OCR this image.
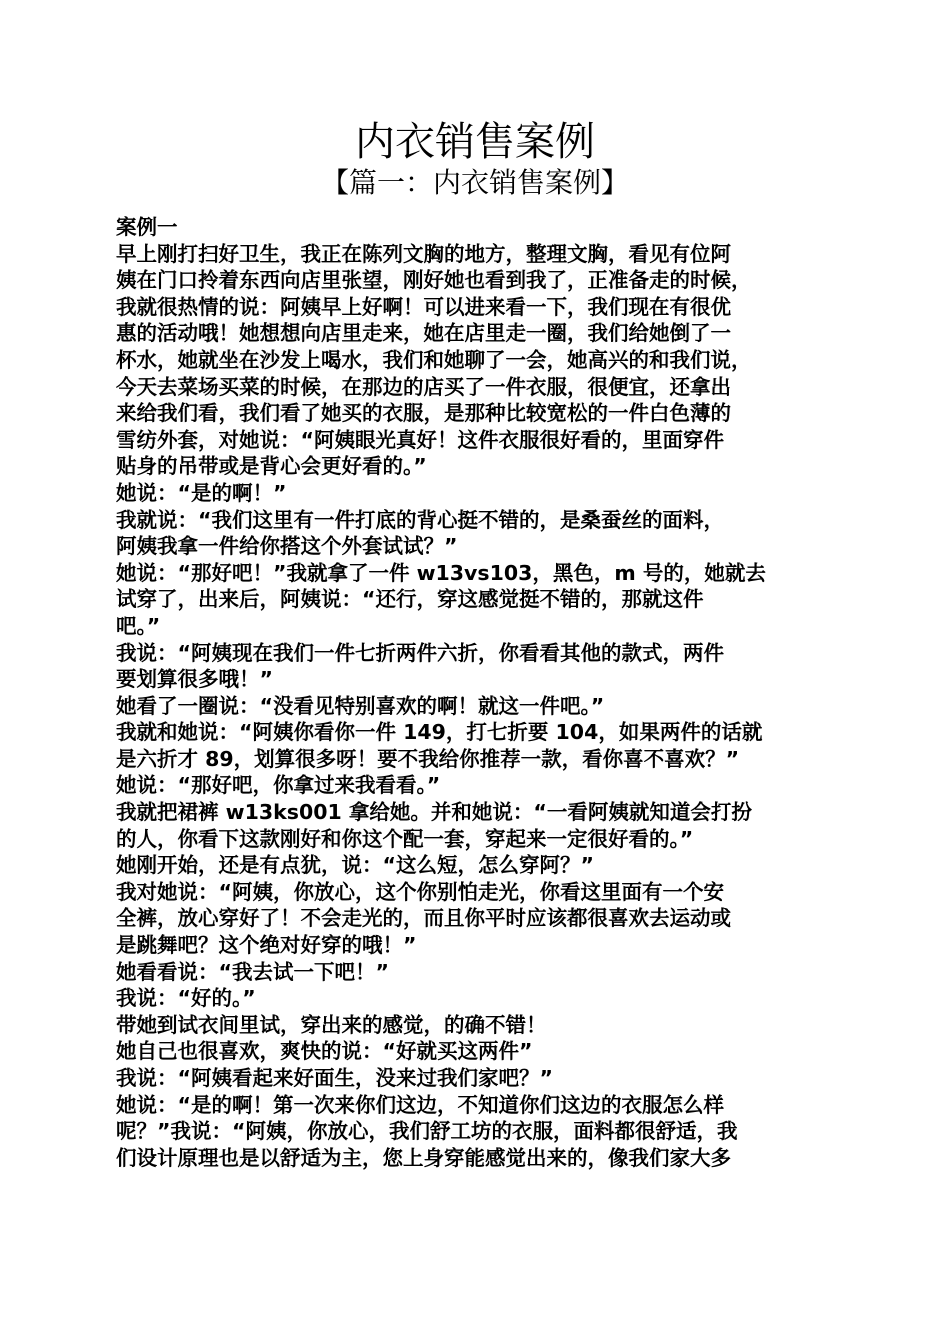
内衣销售案例
【篇一：内衣销售案例】
案例一
早上刚打扫好卫生，我正在陈列文胸的地方，整理文胸，看见有位阿
姨在门口拎着东西向店里张望，刚好她也看到我了，正准备走的时候，
我就很热情的说：阿姨早上好啊！可以进来看一下，我们现在有很优
惠的活动哦！她想想向店里走来，她在店里走一圈，我们给她倒了一
杯水，她就坐在沙发上喝水，我们和她聊了一会，她高兴的和我们说，
今天去菜场买菜的时候，在那边的店买了一件衣服，很便宜，还拿出
来给我们看，我们看了她买的衣服，是那种比较宽松的一件白色薄的
雪纺外套，对她说：“阿姨眼光真好！这件衣服很好看的，里面穿件
贴身的吊带或是背心会更好看的。”
她说：“是的啊！”
我就说：“我们这里有一件打底的背心挺不错的，是桑蚕丝的面料，
阿姨我拿一件给你搭这个外套试试？”
她说：“那好吧！”我就拿了一件 w13vs103，黑色，m 号的，她就去
试穿了，出来后，阿姨说：“还行，穿这感觉挺不错的，那就这件
吧。”
我说：“阿姨现在我们一件七折两件六折，你看看其他的款式，两件
要划算很多哦！”
她看了一圈说：“没看见特别喜欢的啊！就这一件吧。”
我就和她说：“阿姨你看你一件 149，打七折要 104，如果两件的话就
是六折才 89，划算很多呀！要不我给你推荐一款，看你喜不喜欢？”
她说：“那好吧，你拿过来我看看。”
我就把裙裤 w13ks001 拿给她。并和她说：“一看阿姨就知道会打扮
的人，你看下这款刚好和你这个配一套，穿起来一定很好看的。”
她刚开始，还是有点犹，说：“这么短，怎么穿阿？”
我对她说：“阿姨，你放心，这个你别怕走光，你看这里面有一个安
全裤，放心穿好了！不会走光的，而且你平时应该都很喜欢去运动或
是跳舞吧？这个绝对好穿的哦！”
她看看说：“我去试一下吧！”
我说：“好的。”
带她到试衣间里试，穿出来的感觉，的确不错！
她自己也很喜欢，爽快的说：“好就买这两件”
我说：“阿姨看起来好面生，没来过我们家吧？”
她说：“是的啊！第一次来你们这边，不知道你们这边的衣服怎么样
呢？”我说：“阿姨，你放心，我们舒工坊的衣服，面料都很舒适，我
们设计原理也是以舒适为主，您上身穿能感觉出来的，像我们家大多
